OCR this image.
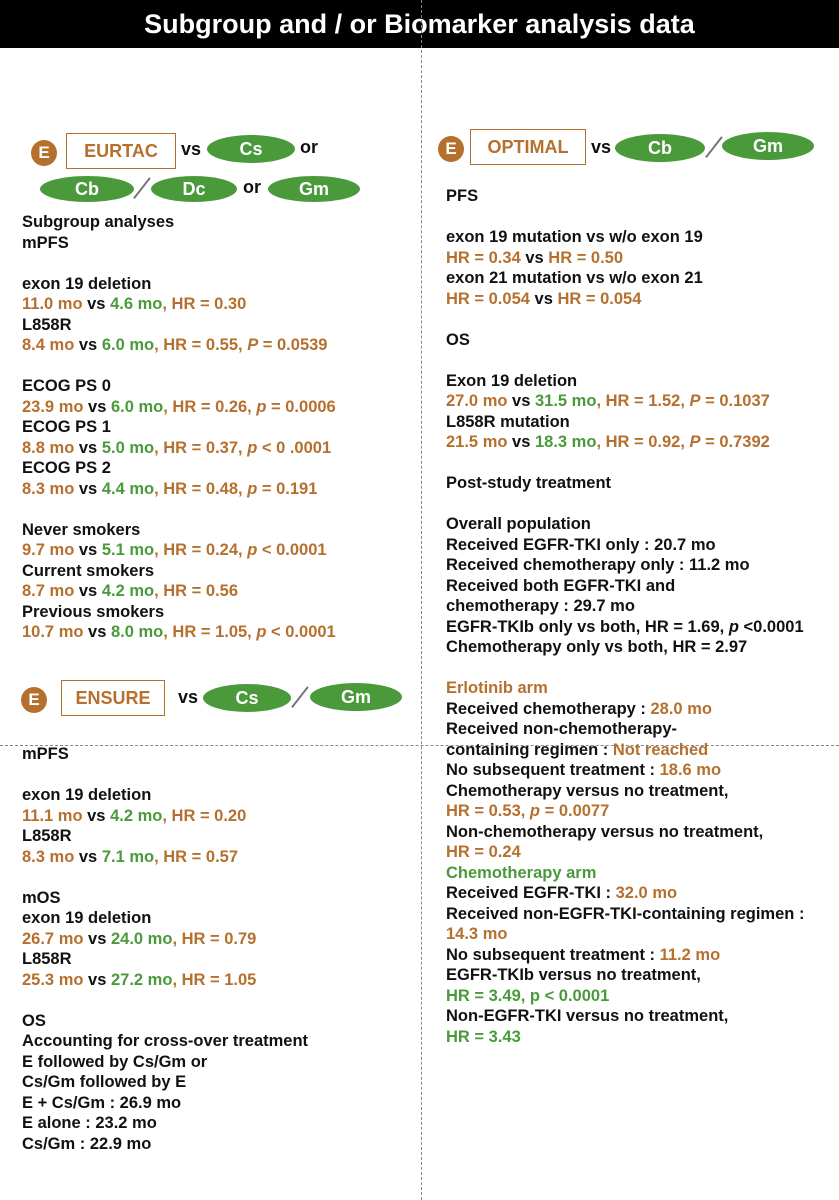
Subgroup and / or Biomarker analysis data
E	EURTAC	vs	Cs	or
Cb	Dc	or	Gm
E	OPTIMAL	vs	Cb	Gm
E	ENSURE	vs	Cs	Gm
Subgroup analyses
mPFS
exon 19 deletion
11.0 mo vs 4.6 mo, HR = 0.30
L858R
8.4 mo vs 6.0 mo, HR = 0.55, P = 0.0539
ECOG PS 0
23.9 mo vs 6.0 mo, HR = 0.26, p = 0.0006
ECOG PS 1
8.8 mo vs 5.0 mo, HR = 0.37, p < 0 .0001
ECOG PS 2
8.3 mo vs 4.4 mo, HR = 0.48, p = 0.191
Never smokers
9.7 mo vs 5.1 mo, HR = 0.24, p < 0.0001
Current smokers
8.7 mo vs 4.2 mo, HR = 0.56
Previous smokers
10.7 mo vs 8.0 mo, HR = 1.05, p < 0.0001
mPFS
exon 19 deletion
11.1 mo vs 4.2 mo, HR = 0.20
L858R
8.3 mo vs 7.1 mo, HR = 0.57
mOS
exon 19 deletion
26.7 mo vs 24.0 mo, HR = 0.79
L858R
25.3 mo vs 27.2 mo, HR = 1.05
OS
Accounting for cross-over treatment
E followed by Cs/Gm or
Cs/Gm followed by E
E + Cs/Gm : 26.9 mo
E alone : 23.2 mo
Cs/Gm : 22.9 mo
PFS
exon 19 mutation vs w/o exon 19
HR = 0.34 vs HR = 0.50
exon 21 mutation vs w/o exon 21
HR = 0.054 vs HR = 0.054
OS
Exon 19 deletion
27.0 mo vs 31.5 mo, HR = 1.52, P = 0.1037
L858R mutation
21.5 mo vs 18.3 mo, HR = 0.92, P = 0.7392
Post-study treatment
Overall population
Received EGFR-TKI only : 20.7 mo
Received chemotherapy only : 11.2 mo
Received both EGFR-TKI and
chemotherapy : 29.7 mo
EGFR-TKIb only vs both, HR = 1.69, p <0.0001
Chemotherapy only vs both, HR = 2.97
Erlotinib arm
Received chemotherapy : 28.0 mo
Received non-chemotherapy-
containing regimen : Not reached
No subsequent treatment : 18.6 mo
Chemotherapy versus no treatment,
HR = 0.53, p = 0.0077
Non-chemotherapy versus no treatment,
HR = 0.24
Chemotherapy arm
Received EGFR-TKI : 32.0 mo
Received non-EGFR-TKI-containing regimen :
14.3 mo
No subsequent treatment : 11.2 mo
EGFR-TKIb versus no treatment,
HR = 3.49, p < 0.0001
Non-EGFR-TKI versus no treatment,
HR = 3.43
